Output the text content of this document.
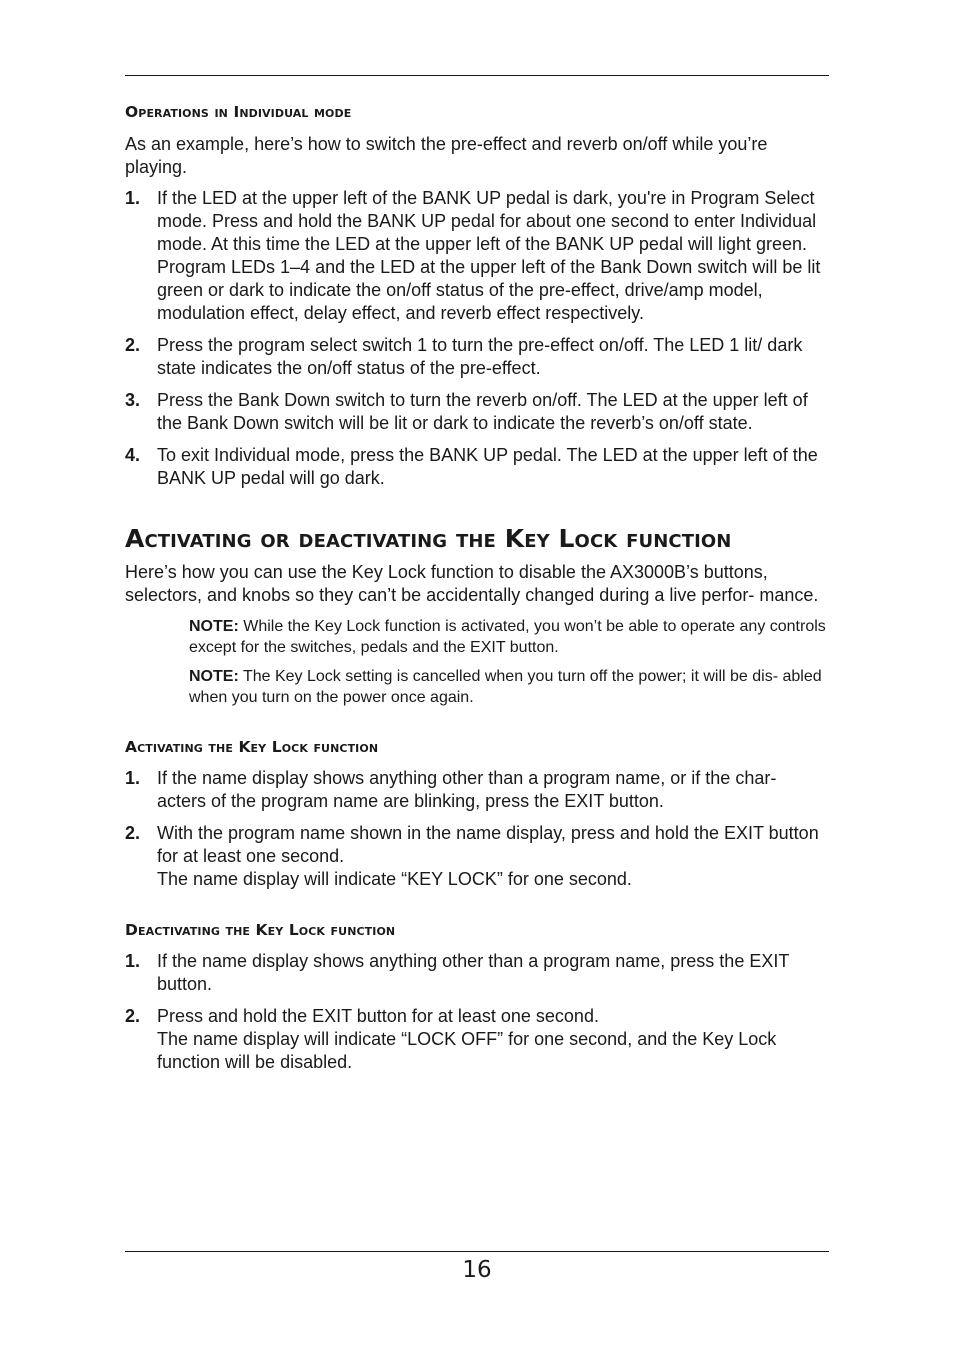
Operations in Individual mode

As an example, here’s how to switch the pre-effect and reverb on/off while you’re playing.

1. If the LED at the upper left of the BANK UP pedal is dark, you're in Program Select mode. Press and hold the BANK UP pedal for about one second to enter Individual mode. At this time the LED at the upper left of the BANK UP pedal will light green. Program LEDs 1–4 and the LED at the upper left of the Bank Down switch will be lit green or dark to indicate the on/off status of the pre-effect, drive/amp model, modulation effect, delay effect, and reverb effect respectively.
2. Press the program select switch 1 to turn the pre-effect on/off. The LED 1 lit/ dark state indicates the on/off status of the pre-effect.
3. Press the Bank Down switch to turn the reverb on/off. The LED at the upper left of the Bank Down switch will be lit or dark to indicate the reverb’s on/off state.
4. To exit Individual mode, press the BANK UP pedal. The LED at the upper left of the BANK UP pedal will go dark.
Activating or deactivating the Key Lock function

Here’s how you can use the Key Lock function to disable the AX3000B’s buttons, selectors, and knobs so they can’t be accidentally changed during a live perfor- mance.

NOTE: While the Key Lock function is activated, you won’t be able to operate any controls except for the switches, pedals and the EXIT button.
NOTE: The Key Lock setting is cancelled when you turn off the power; it will be dis- abled when you turn on the power once again.
Activating the Key Lock function
1. If the name display shows anything other than a program name, or if the char- acters of the program name are blinking, press the EXIT button.
2. With the program name shown in the name display, press and hold the EXIT button for at least one second.
The name display will indicate “KEY LOCK” for one second.
Deactivating the Key Lock function
1. If the name display shows anything other than a program name, press the EXIT button.
2. Press and hold the EXIT button for at least one second.
The name display will indicate “LOCK OFF” for one second, and the Key Lock function will be disabled.
16
